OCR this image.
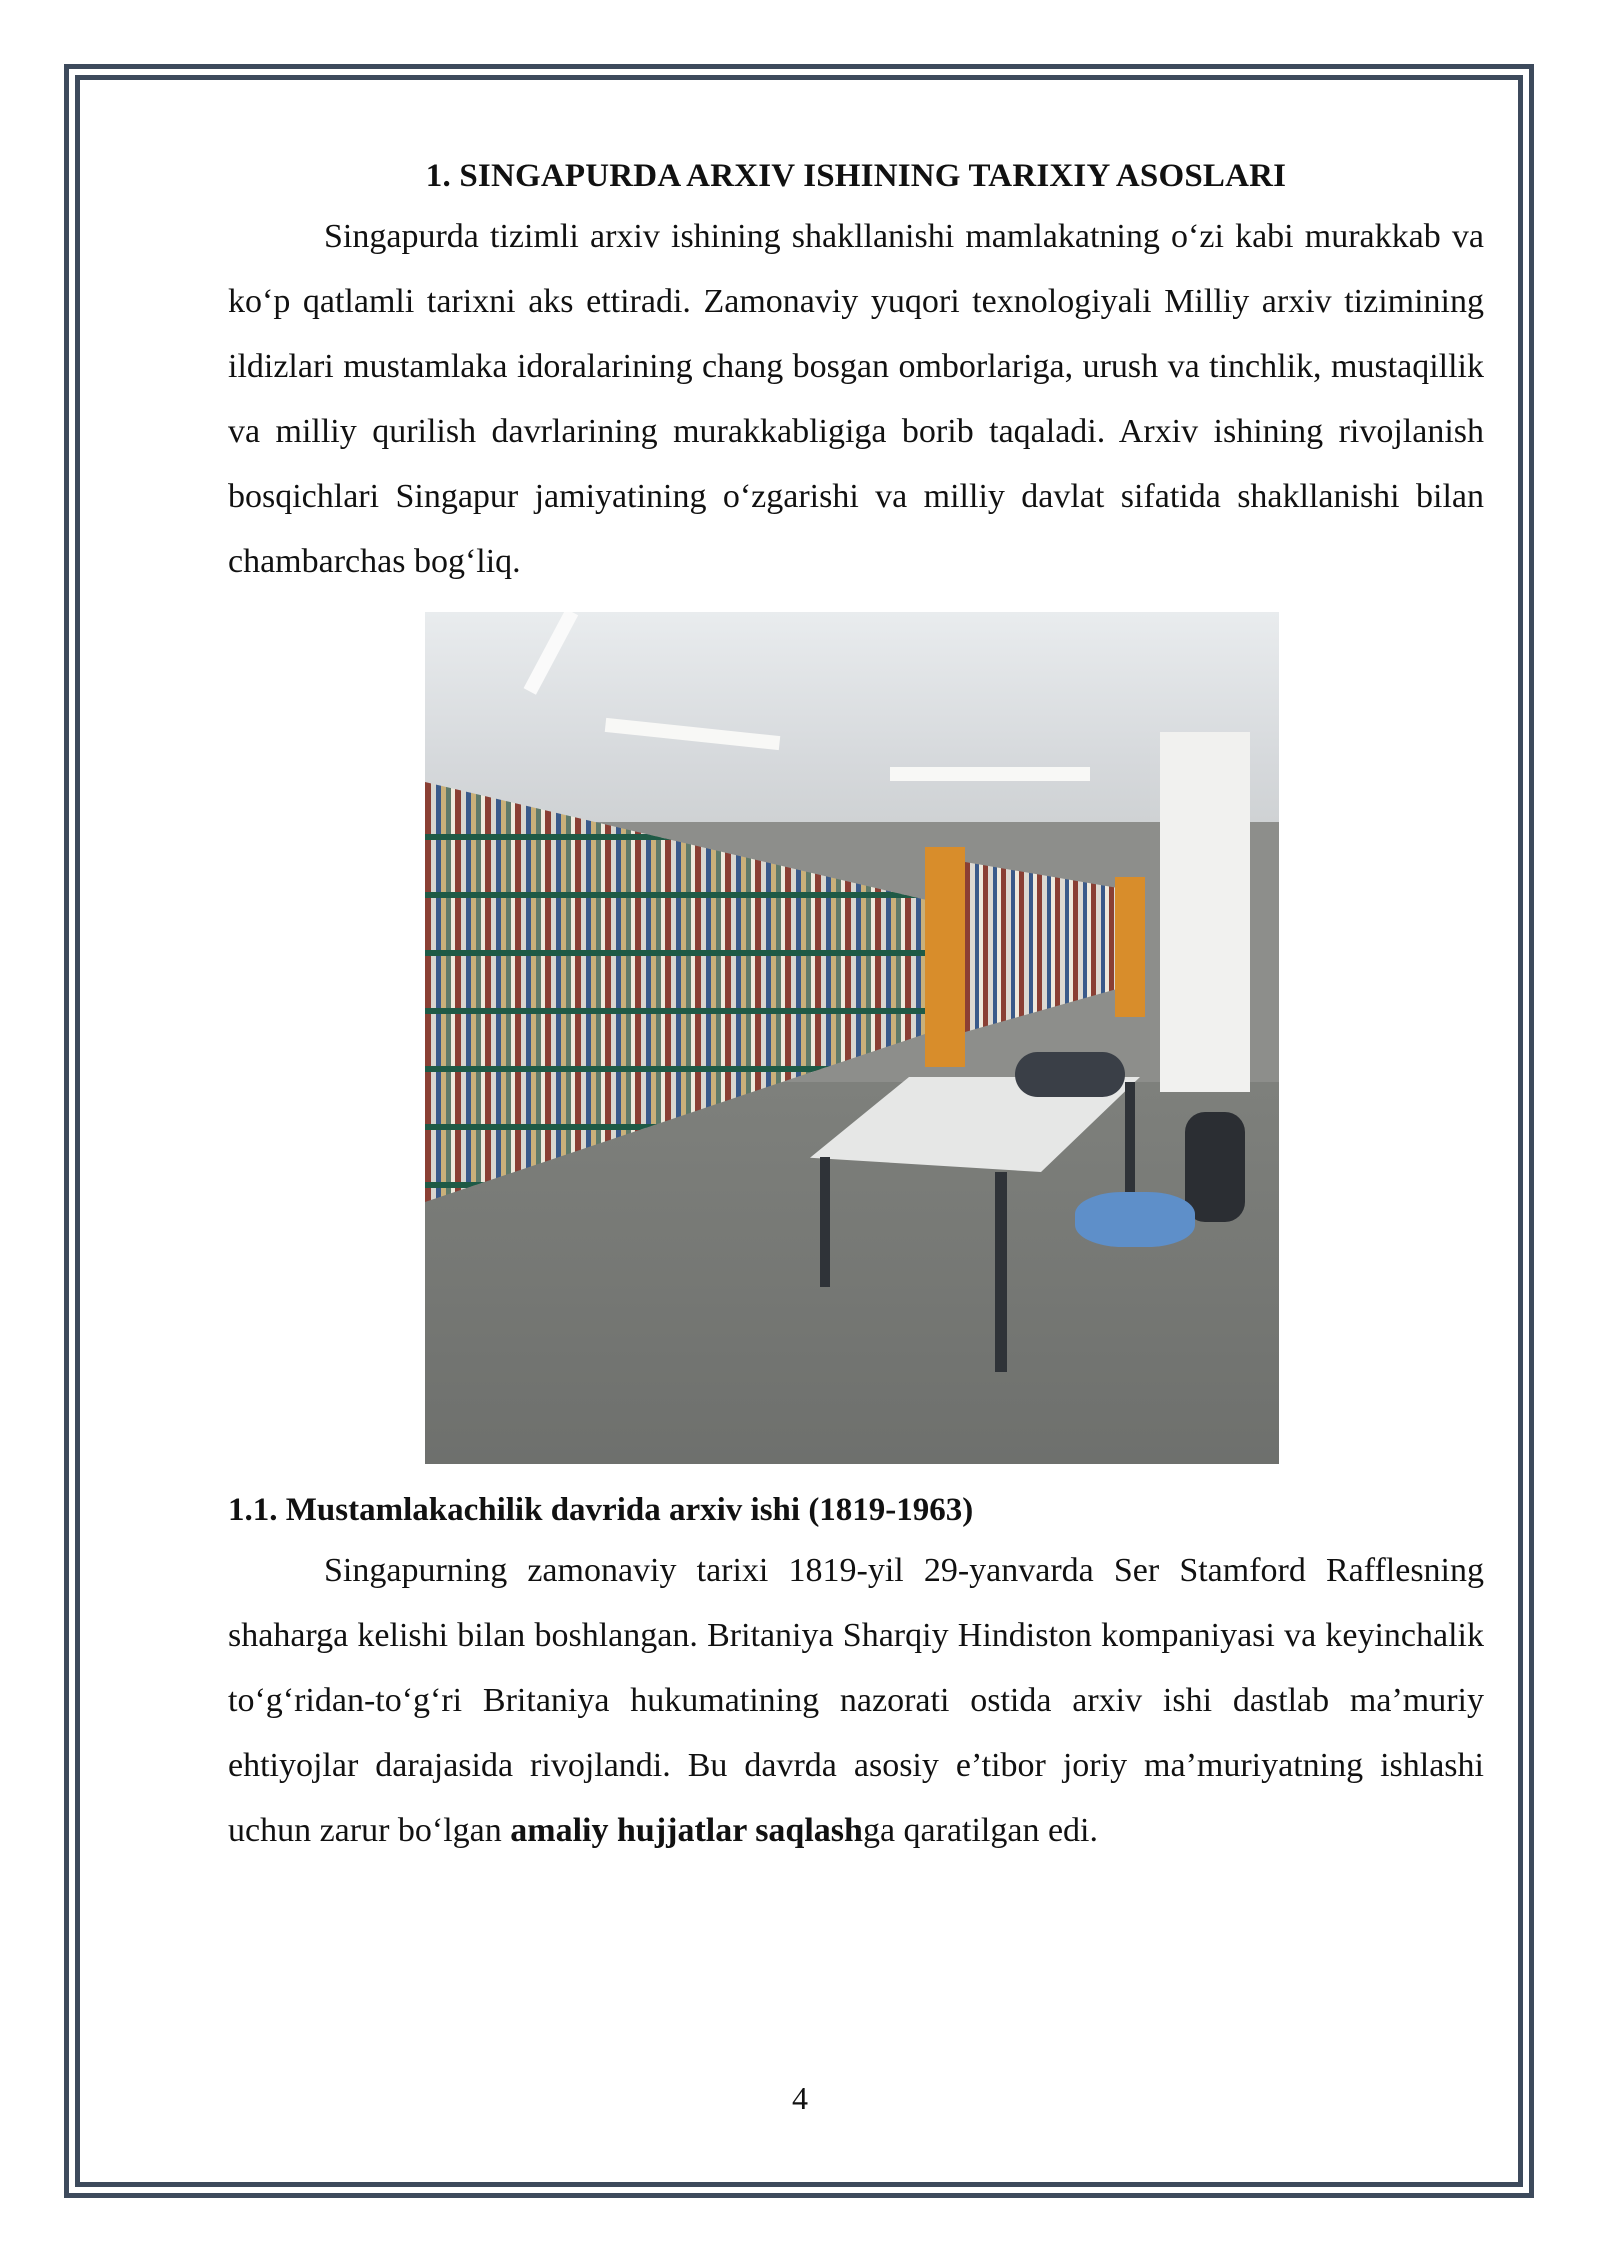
1. SINGAPURDA ARXIV ISHINING TARIXIY ASOSLARI

Singapurda tizimli arxiv ishining shakllanishi mamlakatning o‘zi kabi murakkab va ko‘p qatlamli tarixni aks ettiradi. Zamonaviy yuqori texnologiyali Milliy arxiv tizimining ildizlari mustamlaka idoralarining chang bosgan omborlariga, urush va tinchlik, mustaqillik va milliy qurilish davrlarining murakkabligiga borib taqaladi. Arxiv ishining rivojlanish bosqichlari Singapur jamiyatining o‘zgarishi va milliy davlat sifatida shakllanishi bilan chambarchas bog‘liq.

1.1. Mustamlakachilik davrida arxiv ishi (1819-1963)

Singapurning zamonaviy tarixi 1819-yil 29-yanvarda Ser Stamford Rafflesning shaharga kelishi bilan boshlangan. Britaniya Sharqiy Hindiston kompaniyasi va keyinchalik to‘g‘ridan-to‘g‘ri Britaniya hukumatining nazorati ostida arxiv ishi dastlab ma’muriy ehtiyojlar darajasida rivojlandi. Bu davrda asosiy e’tibor joriy ma’muriyatning ishlashi uchun zarur bo‘lgan amaliy hujjatlar saqlashga qaratilgan edi.

4
